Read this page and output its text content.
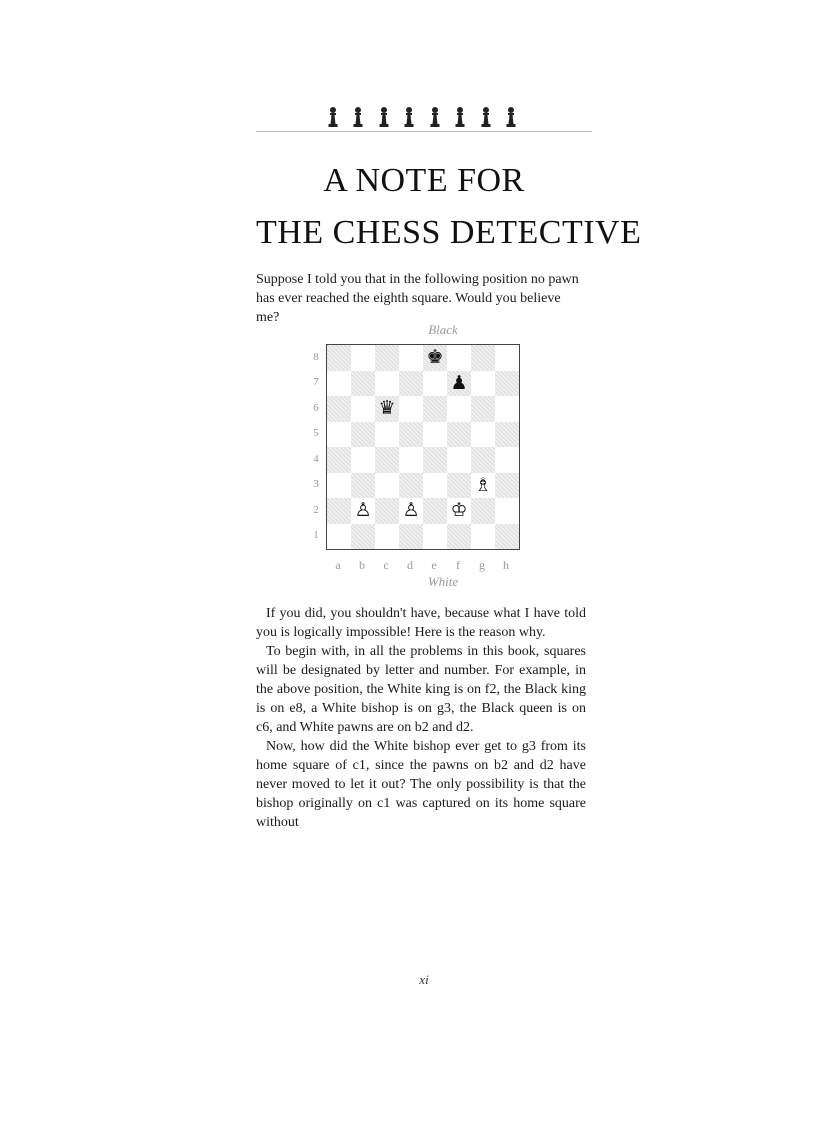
A NOTE FOR
THE CHESS DETECTIVE

Suppose I told you that in the following position no pawn has ever reached the eighth square. Would you believe me?

Black
8
7
6
5
4
3
2
1
♚
♟
♛
♗
♙ ♙ ♔
a	b	c	d	e	f	g	h
White

If you did, you shouldn't have, because what I have told you is logically impossible! Here is the reason why.

To begin with, in all the problems in this book, squares will be designated by letter and number. For example, in the above position, the White king is on f2, the Black king is on e8, a White bishop is on g3, the Black queen is on c6, and White pawns are on b2 and d2.

Now, how did the White bishop ever get to g3 from its home square of c1, since the pawns on b2 and d2 have never moved to let it out? The only possibility is that the bishop originally on c1 was captured on its home square without

xi
